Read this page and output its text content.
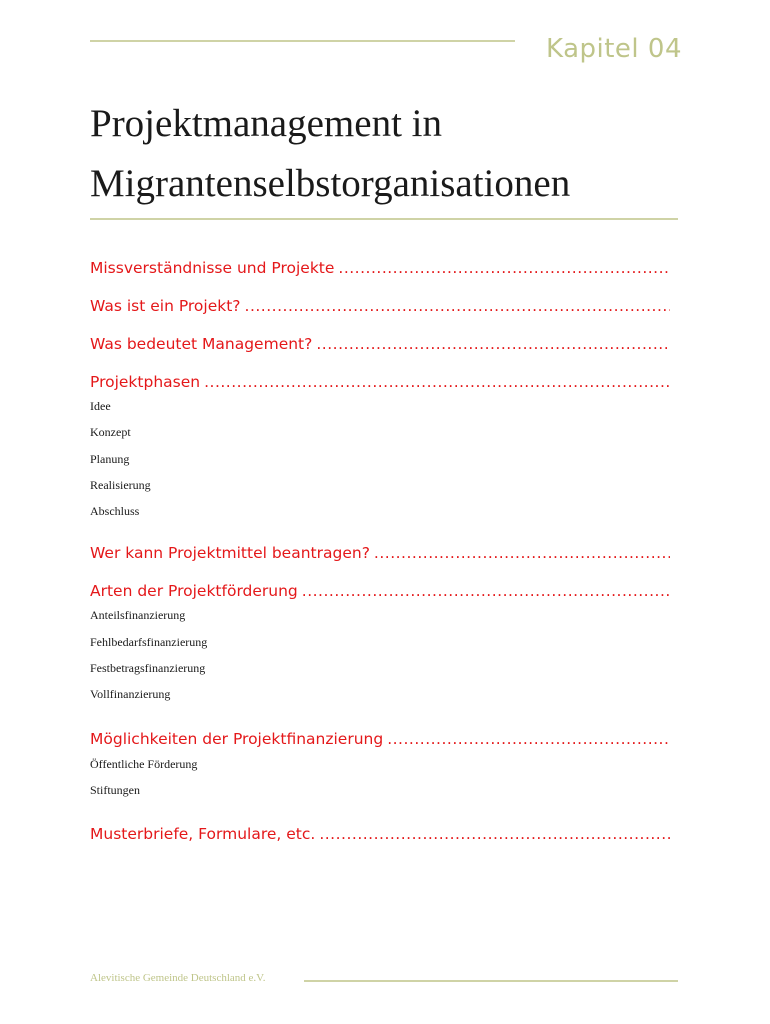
Kapitel 04
Projektmanagement in
Migrantenselbstorganisationen
Missverständnisse und Projekte
.....
Was ist ein Projekt?
.....
Was bedeutet Management?
.....
Projektphasen
.....
Idee
Konzept
Planung
Realisierung
Abschluss
Wer kann Projektmittel beantragen?
.....
Arten der Projektförderung
.....
Anteilsfinanzierung
Fehlbedarfsfinanzierung
Festbetragsfinanzierung
Vollfinanzierung
Möglichkeiten der Projektfinanzierung
.....
Öffentliche Förderung
Stiftungen
Musterbriefe, Formulare, etc.
.....
Alevitische Gemeinde Deutschland e.V.
